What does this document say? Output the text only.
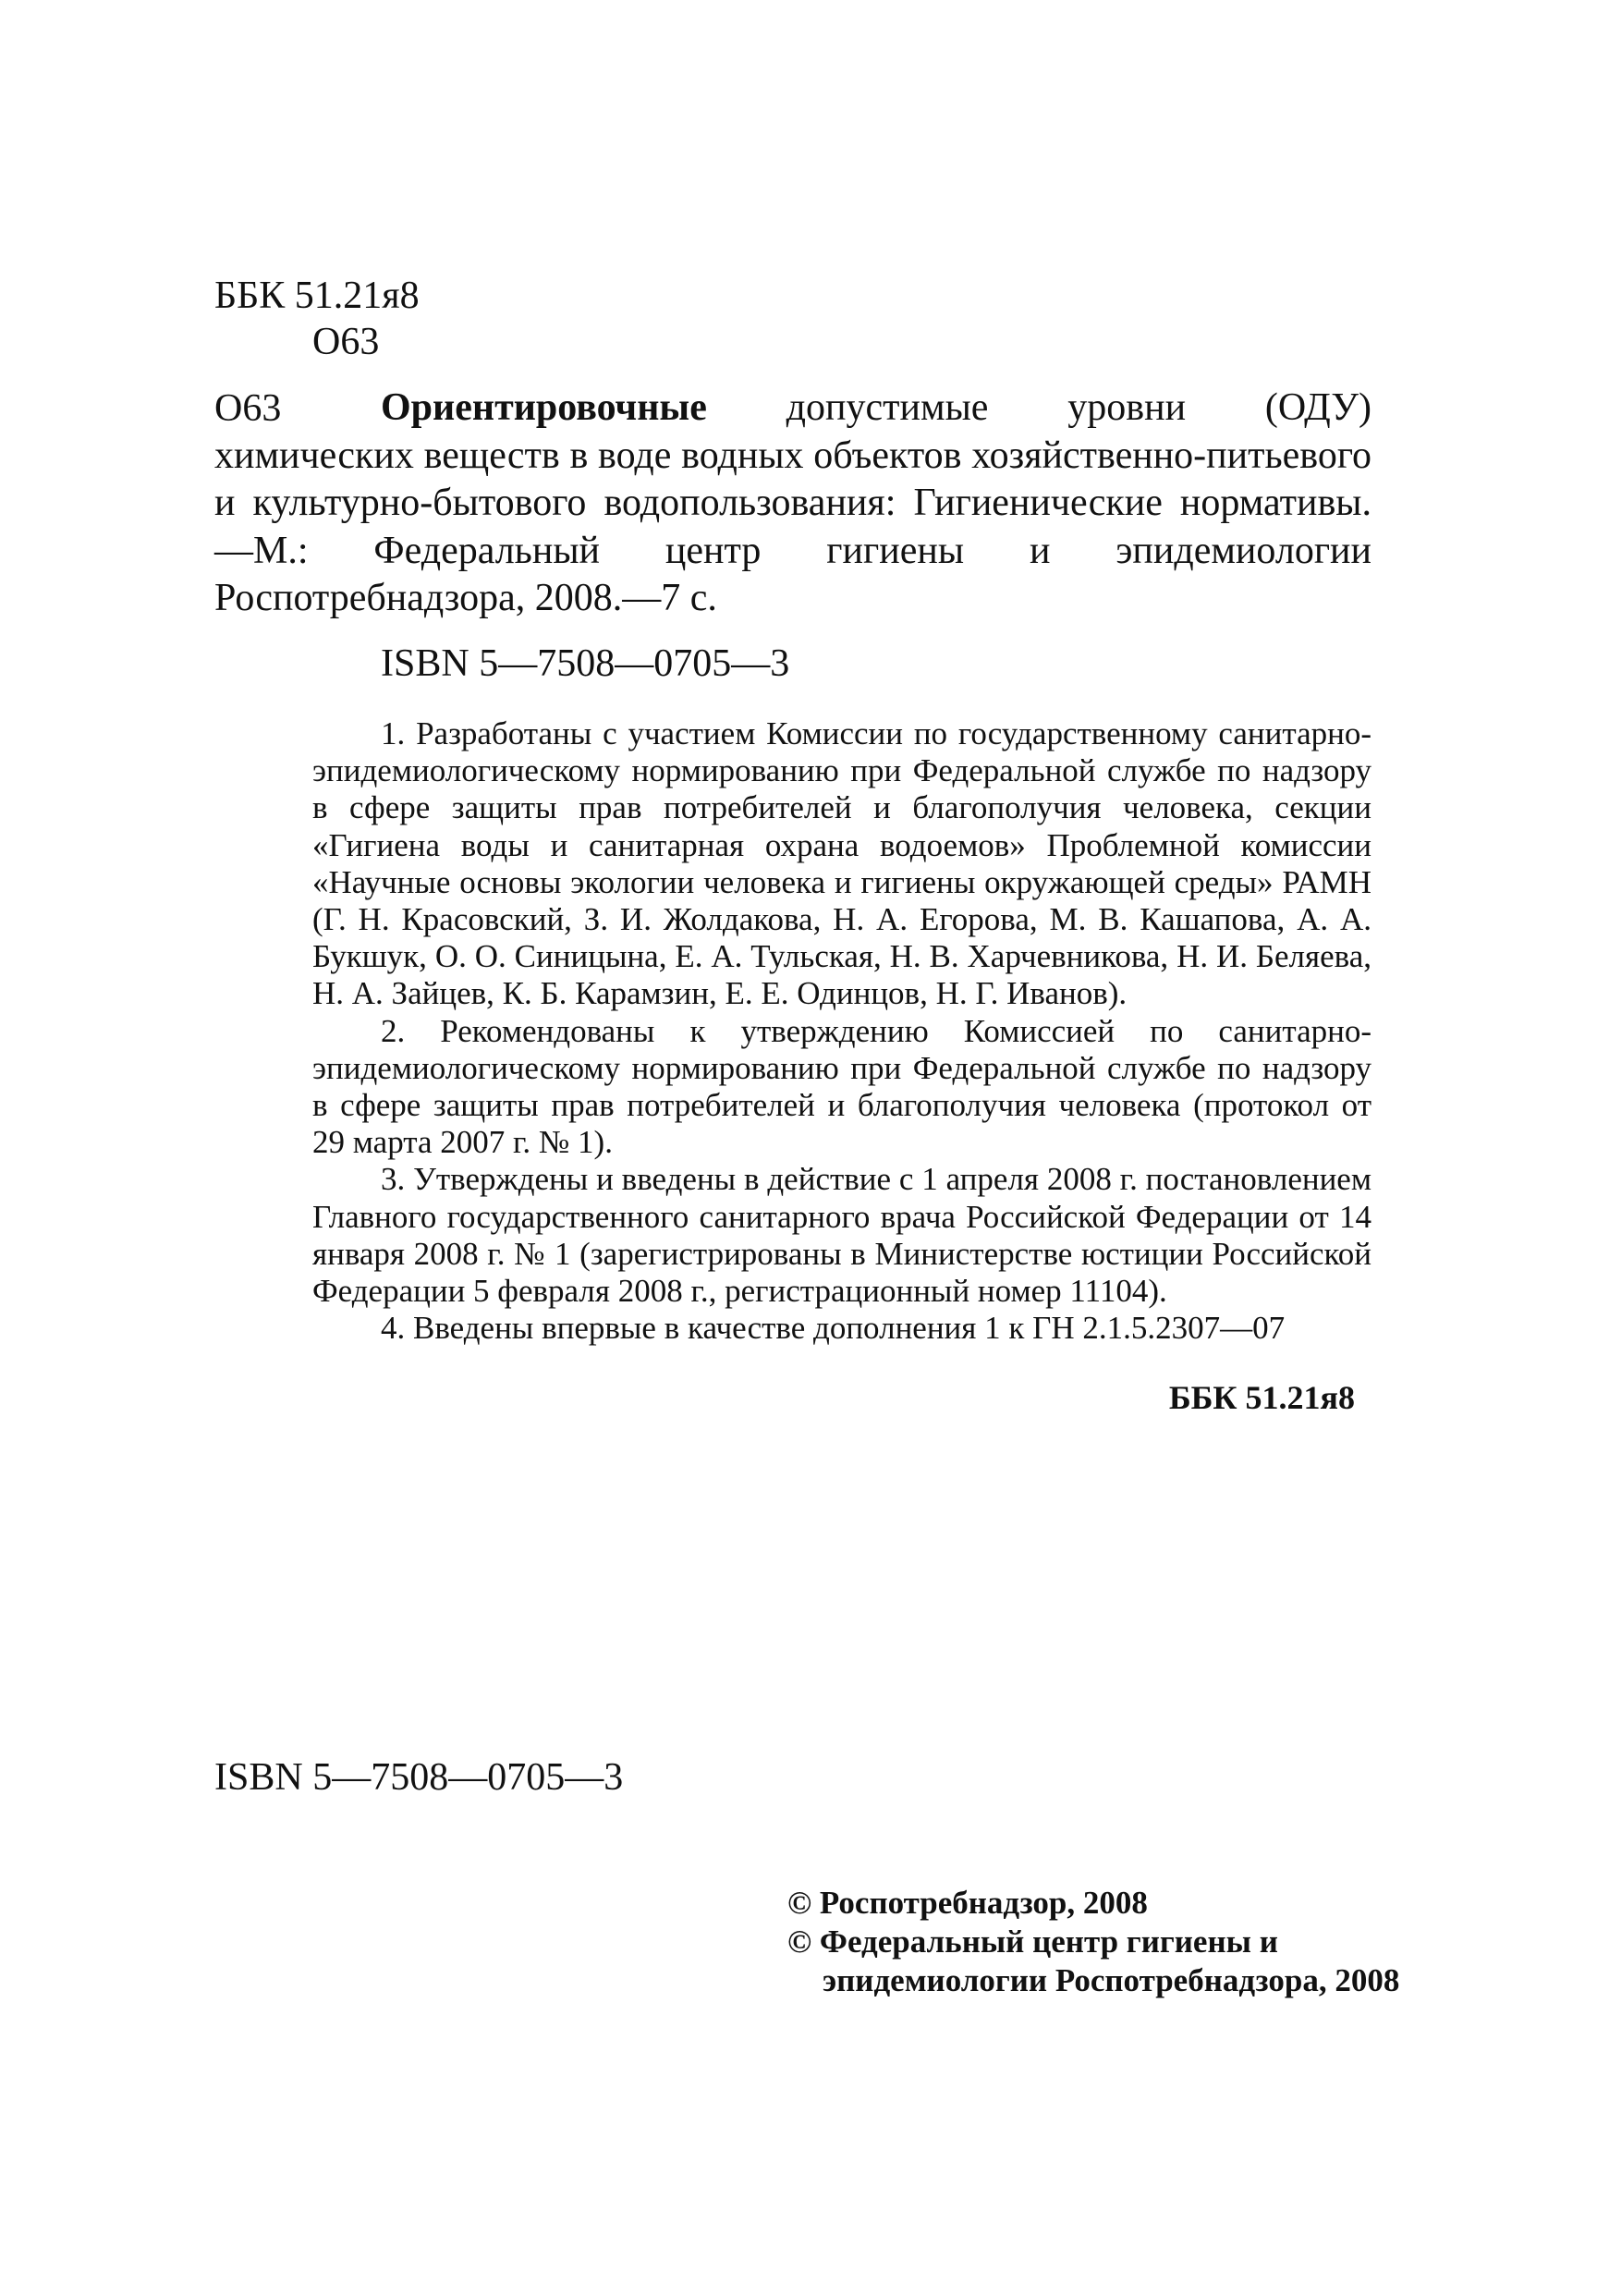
ББК 51.21я8
О63
О63	Ориентировочные допустимые уровни (ОДУ) химических веществ в воде водных объектов хозяйственно-питьевого и культурно-бытового водопользования: Гигиенические нормативы.—М.: Федеральный центр гигиены и эпидемиологии Роспотребнадзора, 2008.—7 с.

ISBN 5—7508—0705—3

1. Разработаны с участием Комиссии по государственному санитарно-эпидемиологическому нормированию при Федеральной службе по надзору в сфере защиты прав потребителей и благополучия человека, секции «Гигиена воды и санитарная охрана водоемов» Проблемной комиссии «Научные основы экологии человека и гигиены окружающей среды» РАМН (Г. Н. Красовский, З. И. Жолдакова, Н. А. Егорова, М. В. Кашапова, А. А. Букшук, О. О. Синицына, Е. А. Тульская, Н. В. Харчевникова, Н. И. Беляева, Н. А. Зайцев, К. Б. Карамзин, Е. Е. Одинцов, Н. Г. Иванов).

2. Рекомендованы к утверждению Комиссией по санитарно-эпидемиологическому нормированию при Федеральной службе по надзору в сфере защиты прав потребителей и благополучия человека (протокол от 29 марта 2007 г. № 1).

3. Утверждены и введены в действие с 1 апреля 2008 г. постановлением Главного государственного санитарного врача Российской Федерации от 14 января 2008 г. № 1 (зарегистрированы в Министерстве юстиции Российской Федерации 5 февраля 2008 г., регистрационный номер 11104).

4. Введены впервые в качестве дополнения 1 к ГН 2.1.5.2307—07

ББК 51.21я8
ISBN 5—7508—0705—3
© Роспотребнадзор, 2008
© Федеральный центр гигиены и
эпидемиологии Роспотребнадзора, 2008
